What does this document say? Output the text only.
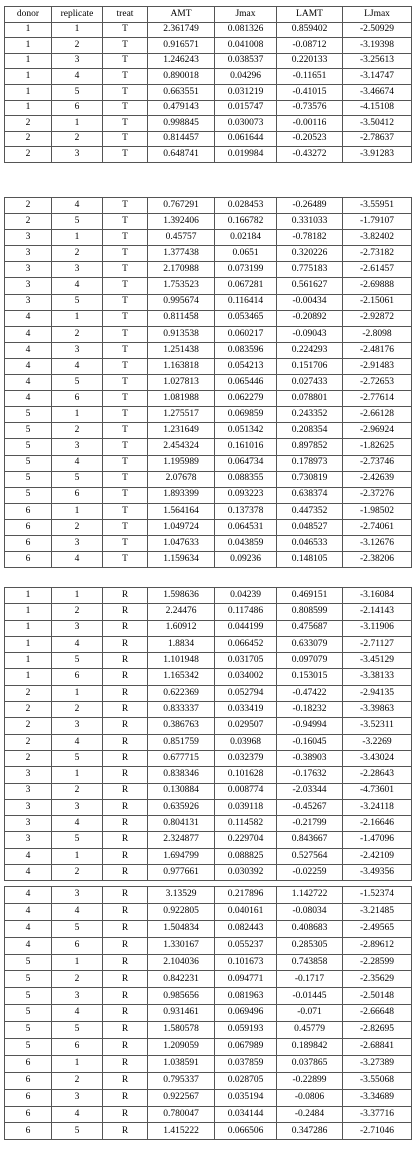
donor	replicate	treat	AMT	Jmax	LAMT	LJmax
1	1	T	2.361749	0.081326	0.859402	-2.50929
1	2	T	0.916571	0.041008	-0.08712	-3.19398
1	3	T	1.246243	0.038537	0.220133	-3.25613
1	4	T	0.890018	0.04296	-0.11651	-3.14747
1	5	T	0.663551	0.031219	-0.41015	-3.46674
1	6	T	0.479143	0.015747	-0.73576	-4.15108
2	1	T	0.998845	0.030073	-0.00116	-3.50412
2	2	T	0.814457	0.061644	-0.20523	-2.78637
2	3	T	0.648741	0.019984	-0.43272	-3.91283
2	4	T	0.767291	0.028453	-0.26489	-3.55951
2	5	T	1.392406	0.166782	0.331033	-1.79107
3	1	T	0.45757	0.02184	-0.78182	-3.82402
3	2	T	1.377438	0.0651	0.320226	-2.73182
3	3	T	2.170988	0.073199	0.775183	-2.61457
3	4	T	1.753523	0.067281	0.561627	-2.69888
3	5	T	0.995674	0.116414	-0.00434	-2.15061
4	1	T	0.811458	0.053465	-0.20892	-2.92872
4	2	T	0.913538	0.060217	-0.09043	-2.8098
4	3	T	1.251438	0.083596	0.224293	-2.48176
4	4	T	1.163818	0.054213	0.151706	-2.91483
4	5	T	1.027813	0.065446	0.027433	-2.72653
4	6	T	1.081988	0.062279	0.078801	-2.77614
5	1	T	1.275517	0.069859	0.243352	-2.66128
5	2	T	1.231649	0.051342	0.208354	-2.96924
5	3	T	2.454324	0.161016	0.897852	-1.82625
5	4	T	1.195989	0.064734	0.178973	-2.73746
5	5	T	2.07678	0.088355	0.730819	-2.42639
5	6	T	1.893399	0.093223	0.638374	-2.37276
6	1	T	1.564164	0.137378	0.447352	-1.98502
6	2	T	1.049724	0.064531	0.048527	-2.74061
6	3	T	1.047633	0.043859	0.046533	-3.12676
6	4	T	1.159634	0.09236	0.148105	-2.38206
1	1	R	1.598636	0.04239	0.469151	-3.16084
1	2	R	2.24476	0.117486	0.808599	-2.14143
1	3	R	1.60912	0.044199	0.475687	-3.11906
1	4	R	1.8834	0.066452	0.633079	-2.71127
1	5	R	1.101948	0.031705	0.097079	-3.45129
1	6	R	1.165342	0.034002	0.153015	-3.38133
2	1	R	0.622369	0.052794	-0.47422	-2.94135
2	2	R	0.833337	0.033419	-0.18232	-3.39863
2	3	R	0.386763	0.029507	-0.94994	-3.52311
2	4	R	0.851759	0.03968	-0.16045	-3.2269
2	5	R	0.677715	0.032379	-0.38903	-3.43024
3	1	R	0.838346	0.101628	-0.17632	-2.28643
3	2	R	0.130884	0.008774	-2.03344	-4.73601
3	3	R	0.635926	0.039118	-0.45267	-3.24118
3	4	R	0.804131	0.114582	-0.21799	-2.16646
3	5	R	2.324877	0.229704	0.843667	-1.47096
4	1	R	1.694799	0.088825	0.527564	-2.42109
4	2	R	0.977661	0.030392	-0.02259	-3.49356
4	3	R	3.13529	0.217896	1.142722	-1.52374
4	4	R	0.922805	0.040161	-0.08034	-3.21485
4	5	R	1.504834	0.082443	0.408683	-2.49565
4	6	R	1.330167	0.055237	0.285305	-2.89612
5	1	R	2.104036	0.101673	0.743858	-2.28599
5	2	R	0.842231	0.094771	-0.1717	-2.35629
5	3	R	0.985656	0.081963	-0.01445	-2.50148
5	4	R	0.931461	0.069496	-0.071	-2.66648
5	5	R	1.580578	0.059193	0.45779	-2.82695
5	6	R	1.209059	0.067989	0.189842	-2.68841
6	1	R	1.038591	0.037859	0.037865	-3.27389
6	2	R	0.795337	0.028705	-0.22899	-3.55068
6	3	R	0.922567	0.035194	-0.0806	-3.34689
6	4	R	0.780047	0.034144	-0.2484	-3.37716
6	5	R	1.415222	0.066506	0.347286	-2.71046
